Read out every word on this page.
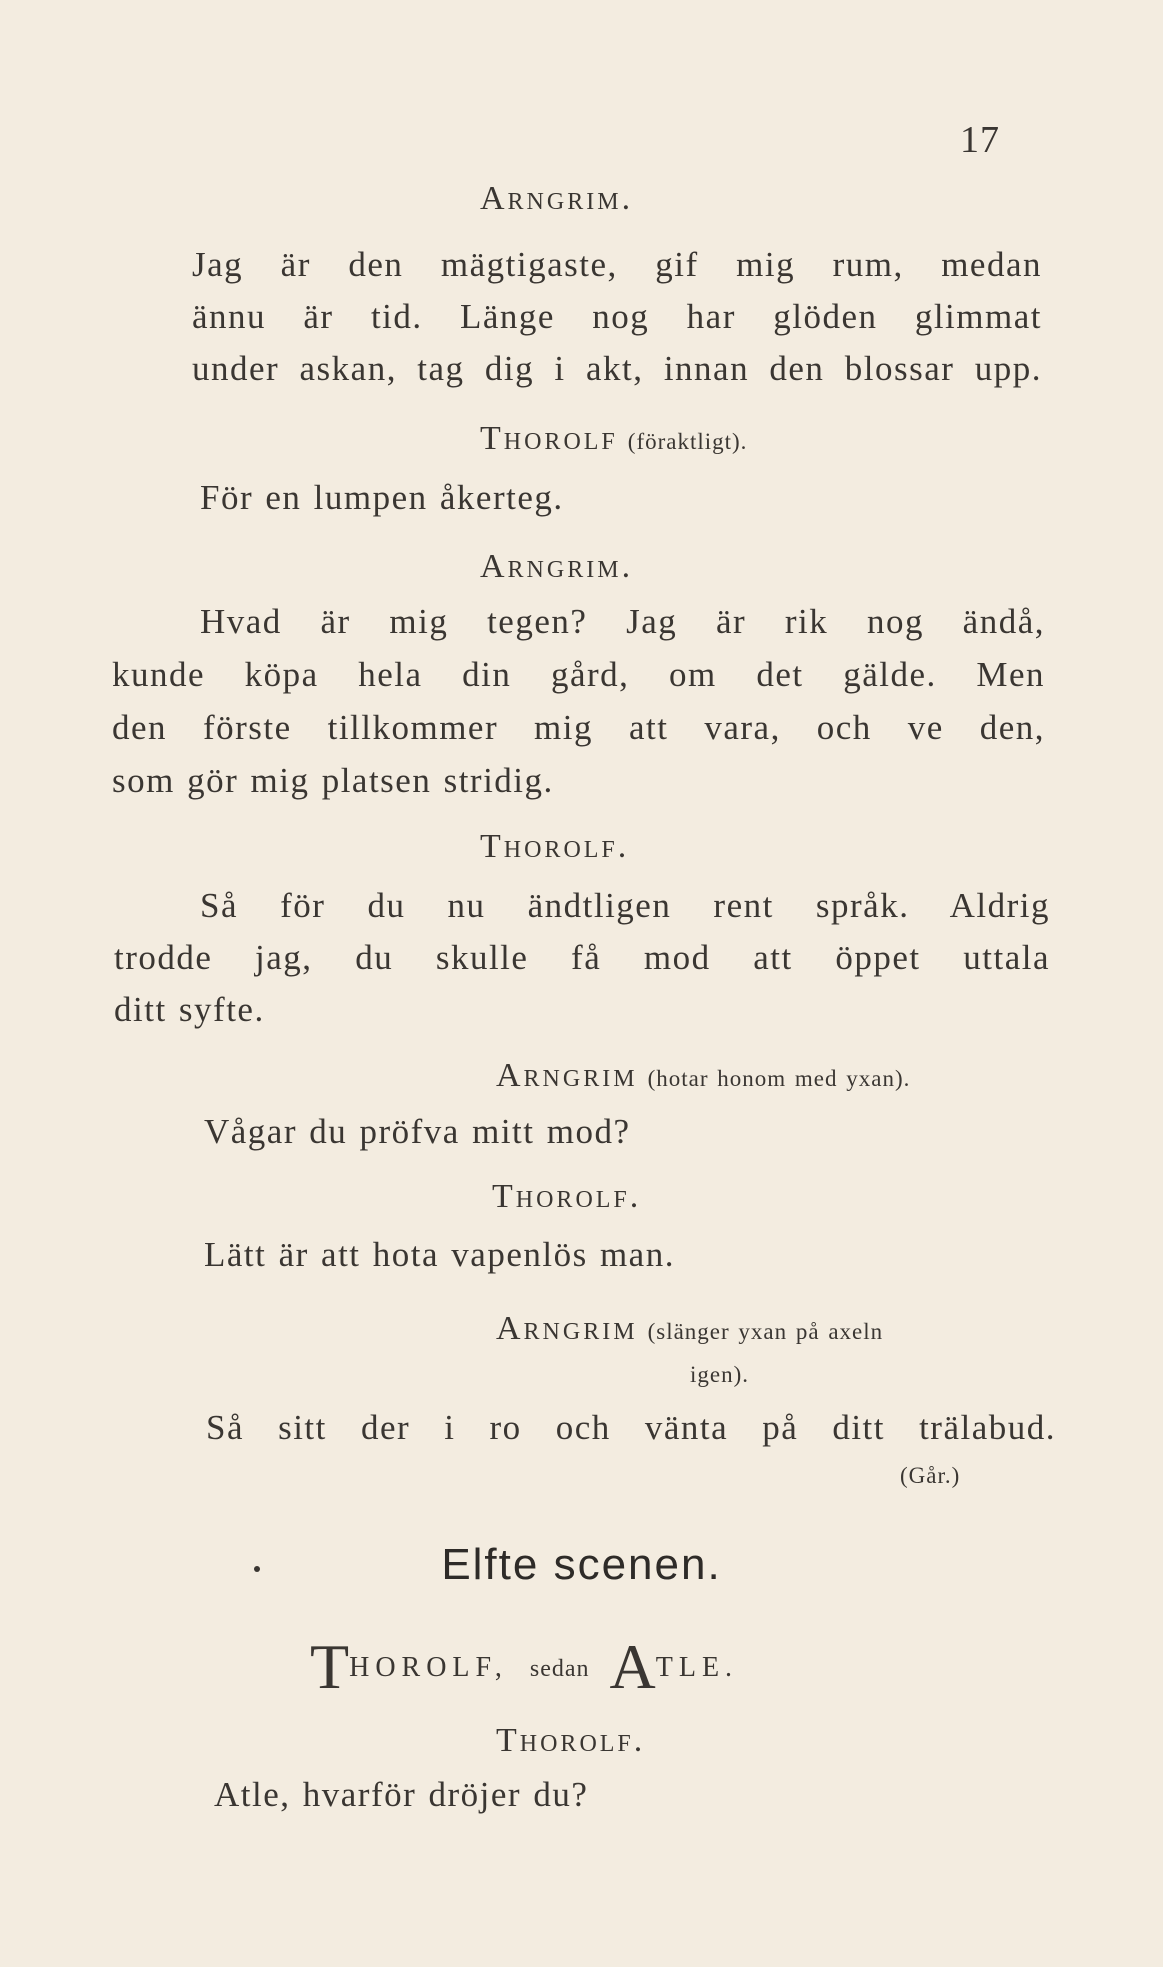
17
Arngrim.
Jag är den mägtigaste, gif mig rum, medan
ännu är tid. Länge nog har glöden glimmat
under askan, tag dig i akt, innan den blossar upp.
Thorolf (föraktligt).
För en lumpen åkerteg.
Arngrim.
Hvad är mig tegen? Jag är rik nog ändå,
kunde köpa hela din gård, om det gälde. Men
den förste tillkommer mig att vara, och ve den,
som gör mig platsen stridig.
Thorolf.
Så för du nu ändtligen rent språk. Aldrig
trodde jag, du skulle få mod att öppet uttala
ditt syfte.
Arngrim (hotar honom med yxan).
Vågar du pröfva mitt mod?
Thorolf.
Lätt är att hota vapenlös man.
Arngrim (slänger yxan på axeln
igen).
Så sitt der i ro och vänta på ditt trälabud.
(Går.)
Elfte scenen.
THOROLF, sedan ATLE.
Thorolf.
Atle, hvarför dröjer du?
